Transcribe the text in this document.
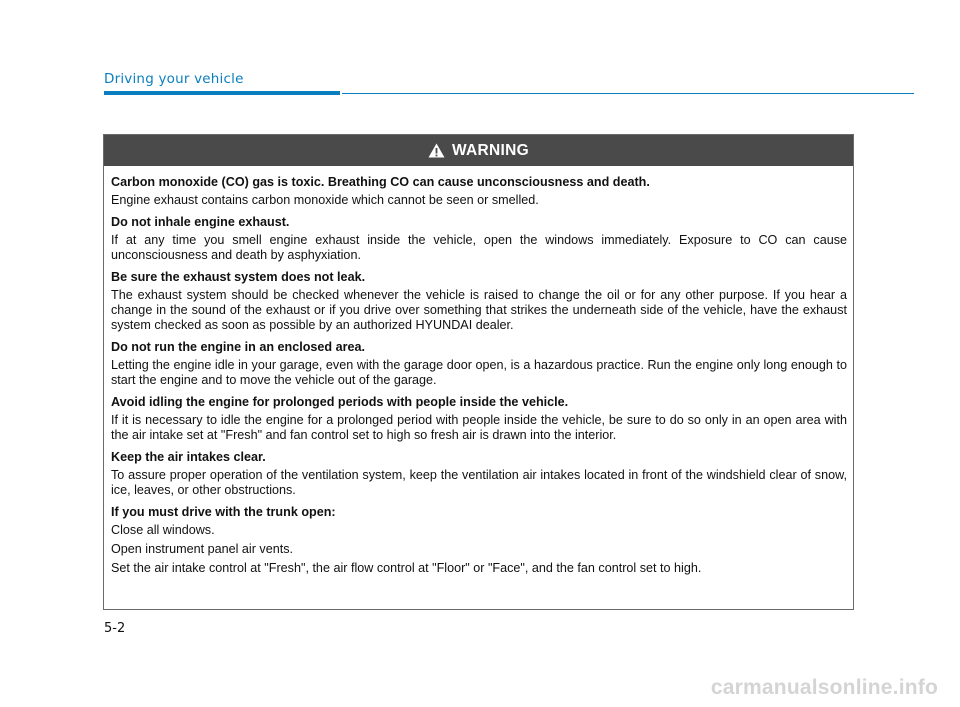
Driving your vehicle
WARNING

Carbon monoxide (CO) gas is toxic. Breathing CO can cause unconsciousness and death.

Engine exhaust contains carbon monoxide which cannot be seen or smelled.

Do not inhale engine exhaust.

If at any time you smell engine exhaust inside the vehicle, open the windows immediately. Exposure to CO can cause unconsciousness and death by asphyxiation.

Be sure the exhaust system does not leak.

The exhaust system should be checked whenever the vehicle is raised to change the oil or for any other purpose. If you hear a change in the sound of the exhaust or if you drive over something that strikes the underneath side of the vehicle, have the exhaust system checked as soon as possible by an authorized HYUNDAI dealer.

Do not run the engine in an enclosed area.

Letting the engine idle in your garage, even with the garage door open, is a hazardous practice. Run the engine only long enough to start the engine and to move the vehicle out of the garage.

Avoid idling the engine for prolonged periods with people inside the vehicle.

If it is necessary to idle the engine for a prolonged period with people inside the vehicle, be sure to do so only in an open area with the air intake set at "Fresh" and fan control set to high so fresh air is drawn into the interior.

Keep the air intakes clear.

To assure proper operation of the ventilation system, keep the ventilation air intakes located in front of the windshield clear of snow, ice, leaves, or other obstructions.

If you must drive with the trunk open:

Close all windows.

Open instrument panel air vents.

Set the air intake control at "Fresh", the air flow control at "Floor" or "Face", and the fan control set to high.

5-2
carmanualsonline.info
